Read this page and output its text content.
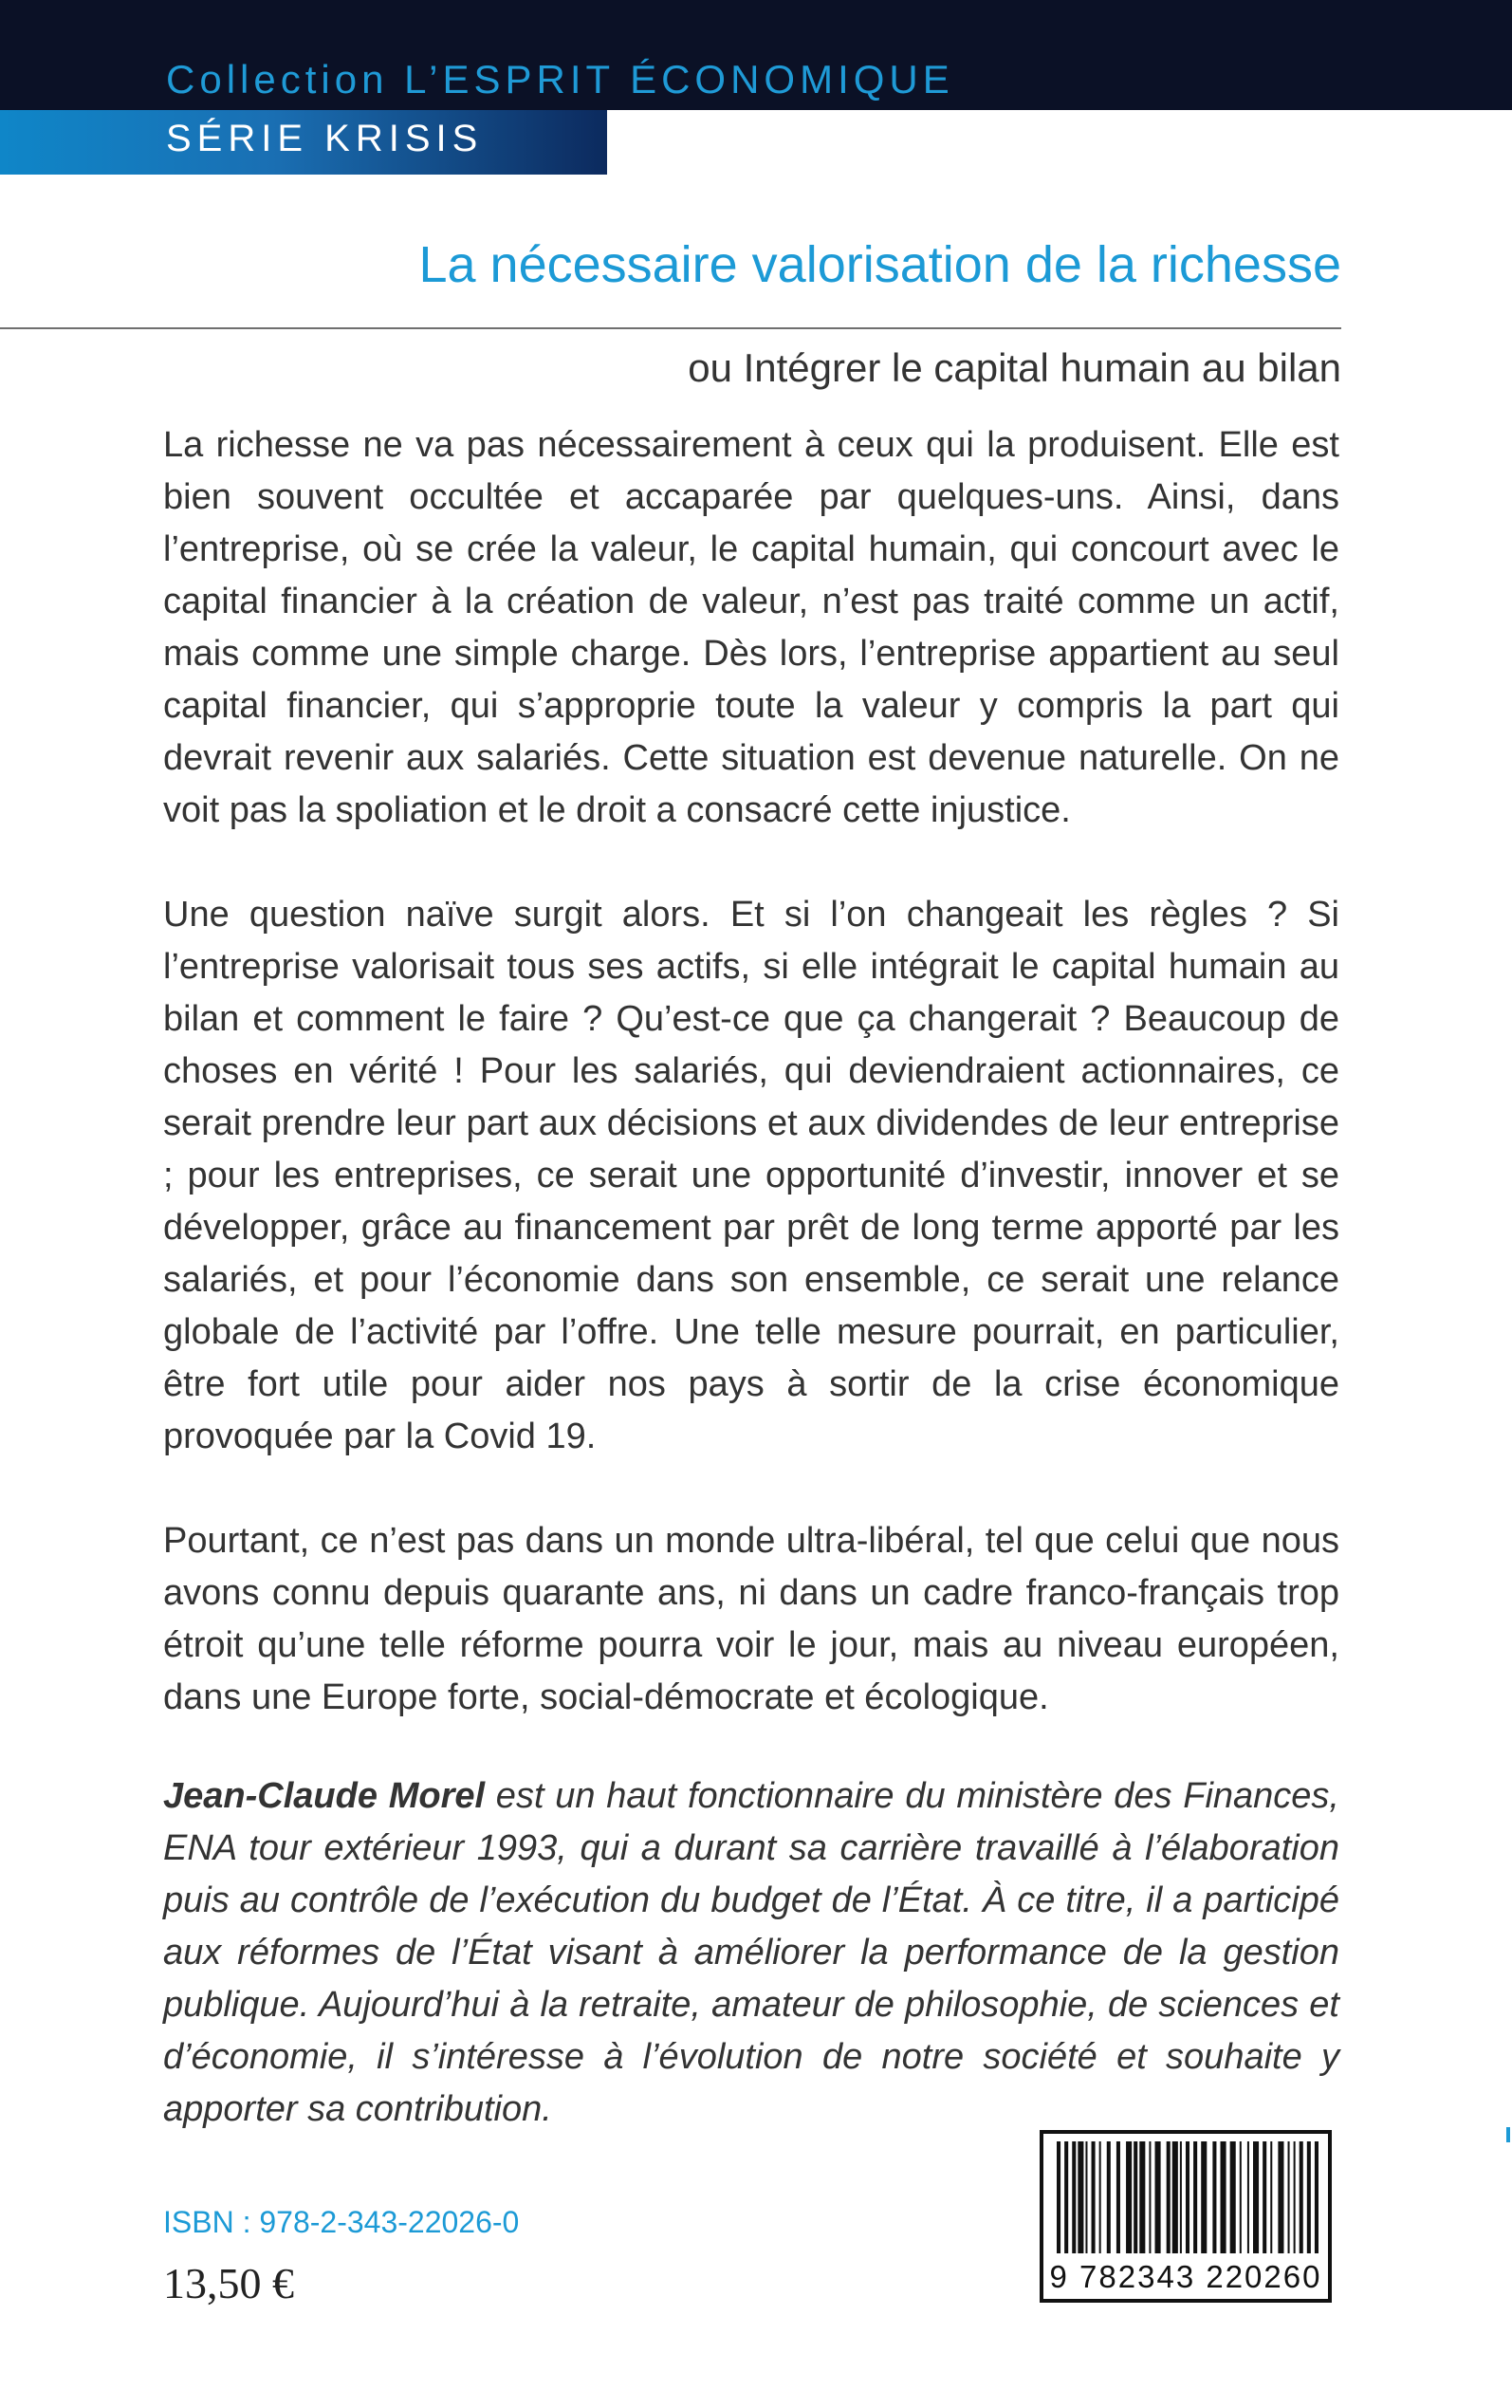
Collection L’ESPRIT ÉCONOMIQUE
SÉRIE KRISIS
La nécessaire valorisation de la richesse
ou Intégrer le capital humain au bilan

La richesse ne va pas nécessairement à ceux qui la produisent. Elle est bien souvent occultée et accaparée par quelques-uns. Ainsi, dans l’entreprise, où se crée la valeur, le capital humain, qui concourt avec le capital financier à la création de valeur, n’est pas traité comme un actif, mais comme une simple charge. Dès lors, l’entreprise appartient au seul capital financier, qui s’approprie toute la valeur y compris la part qui devrait revenir aux salariés. Cette situation est devenue naturelle. On ne voit pas la spoliation et le droit a consacré cette injustice.

Une question naïve surgit alors. Et si l’on changeait les règles ? Si l’entreprise valorisait tous ses actifs, si elle intégrait le capital humain au bilan et comment le faire ? Qu’est-ce que ça changerait ? Beaucoup de choses en vérité ! Pour les salariés, qui deviendraient actionnaires, ce serait prendre leur part aux décisions et aux dividendes de leur entreprise ; pour les entreprises, ce serait une opportunité d’investir, innover et se développer, grâce au financement par prêt de long terme apporté par les salariés, et pour l’économie dans son ensemble, ce serait une relance globale de l’activité par l’offre. Une telle mesure pourrait, en particulier, être fort utile pour aider nos pays à sortir de la crise économique provoquée par la Covid 19.

Pourtant, ce n’est pas dans un monde ultra-libéral, tel que celui que nous avons connu depuis quarante ans, ni dans un cadre franco-français trop étroit qu’une telle réforme pourra voir le jour, mais au niveau européen, dans une Europe forte, social-démocrate et écologique.

Jean-Claude Morel est un haut fonctionnaire du ministère des Finances, ENA tour extérieur 1993, qui a durant sa carrière travaillé à l’élaboration puis au contrôle de l’exécution du budget de l’État. À ce titre, il a participé aux réformes de l’État visant à améliorer la performance de la gestion publique. Aujourd’hui à la retraite, amateur de philosophie, de sciences et d’économie, il s’intéresse à l’évolution de notre société et souhaite y apporter sa contribution.
ISBN : 978-2-343-22026-0
13,50 €	9 782343 220260
